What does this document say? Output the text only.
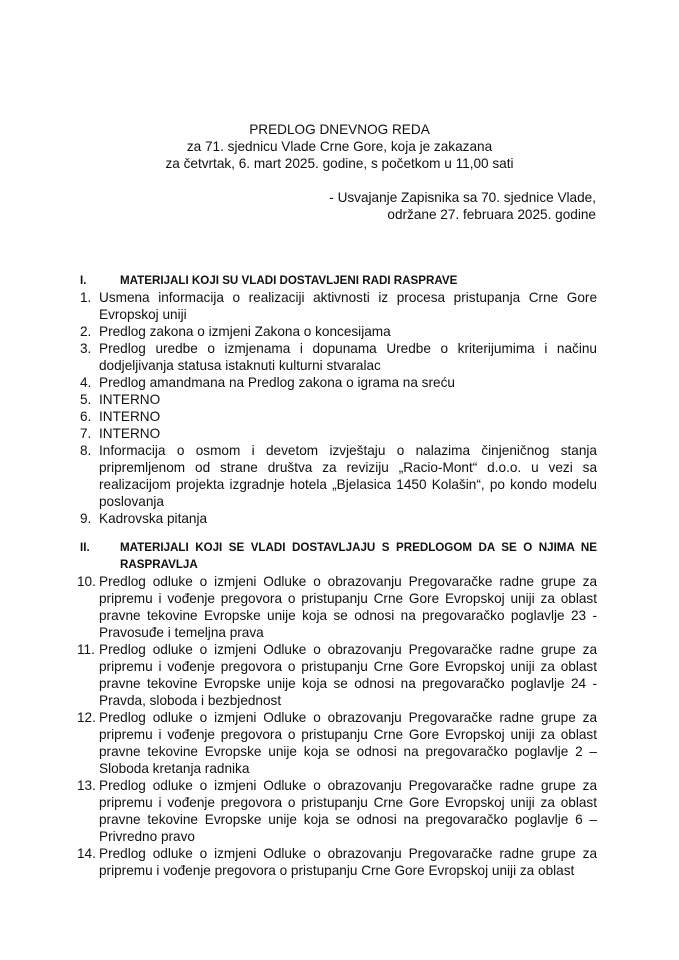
PREDLOG DNEVNOG REDA
za 71. sjednicu Vlade Crne Gore, koja je zakazana
za četvrtak, 6. mart 2025. godine, s početkom u 11,00 sati
- Usvajanje Zapisnika sa 70. sjednice Vlade,
održane 27. februara 2025. godine
I.	MATERIJALI KOJI SU VLADI DOSTAVLJENI RADI RASPRAVE
1. Usmena informacija o realizaciji aktivnosti iz procesa pristupanja Crne Gore Evropskoj uniji
2. Predlog zakona o izmjeni Zakona o koncesijama
3. Predlog uredbe o izmjenama i dopunama Uredbe o kriterijumima i načinu dodjeljivanja statusa istaknuti kulturni stvaralac
4. Predlog amandmana na Predlog zakona o igrama na sreću
5. INTERNO
6. INTERNO
7. INTERNO
8. Informacija o osmom i devetom izvještaju o nalazima činjeničnog stanja pripremljenom od strane društva za reviziju „Racio-Mont“ d.o.o. u vezi sa realizacijom projekta izgradnje hotela „Bjelasica 1450 Kolašin“, po kondo modelu poslovanja
9. Kadrovska pitanja
II.	MATERIJALI KOJI SE VLADI DOSTAVLJAJU S PREDLOGOM DA SE O NJIMA NE RASPRAVLJA
10. Predlog odluke o izmjeni Odluke o obrazovanju Pregovaračke radne grupe za pripremu i vođenje pregovora o pristupanju Crne Gore Evropskoj uniji za oblast pravne tekovine Evropske unije koja se odnosi na pregovaračko poglavlje 23 - Pravosuđe i temeljna prava
11. Predlog odluke o izmjeni Odluke o obrazovanju Pregovaračke radne grupe za pripremu i vođenje pregovora o pristupanju Crne Gore Evropskoj uniji za oblast pravne tekovine Evropske unije koja se odnosi na pregovaračko poglavlje 24 - Pravda, sloboda i bezbjednost
12. Predlog odluke o izmjeni Odluke o obrazovanju Pregovaračke radne grupe za pripremu i vođenje pregovora o pristupanju Crne Gore Evropskoj uniji za oblast pravne tekovine Evropske unije koja se odnosi na pregovaračko poglavlje 2 – Sloboda kretanja radnika
13. Predlog odluke o izmjeni Odluke o obrazovanju Pregovaračke radne grupe za pripremu i vođenje pregovora o pristupanju Crne Gore Evropskoj uniji za oblast pravne tekovine Evropske unije koja se odnosi na pregovaračko poglavlje 6 – Privredno pravo
14. Predlog odluke o izmjeni Odluke o obrazovanju Pregovaračke radne grupe za pripremu i vođenje pregovora o pristupanju Crne Gore Evropskoj uniji za oblast
